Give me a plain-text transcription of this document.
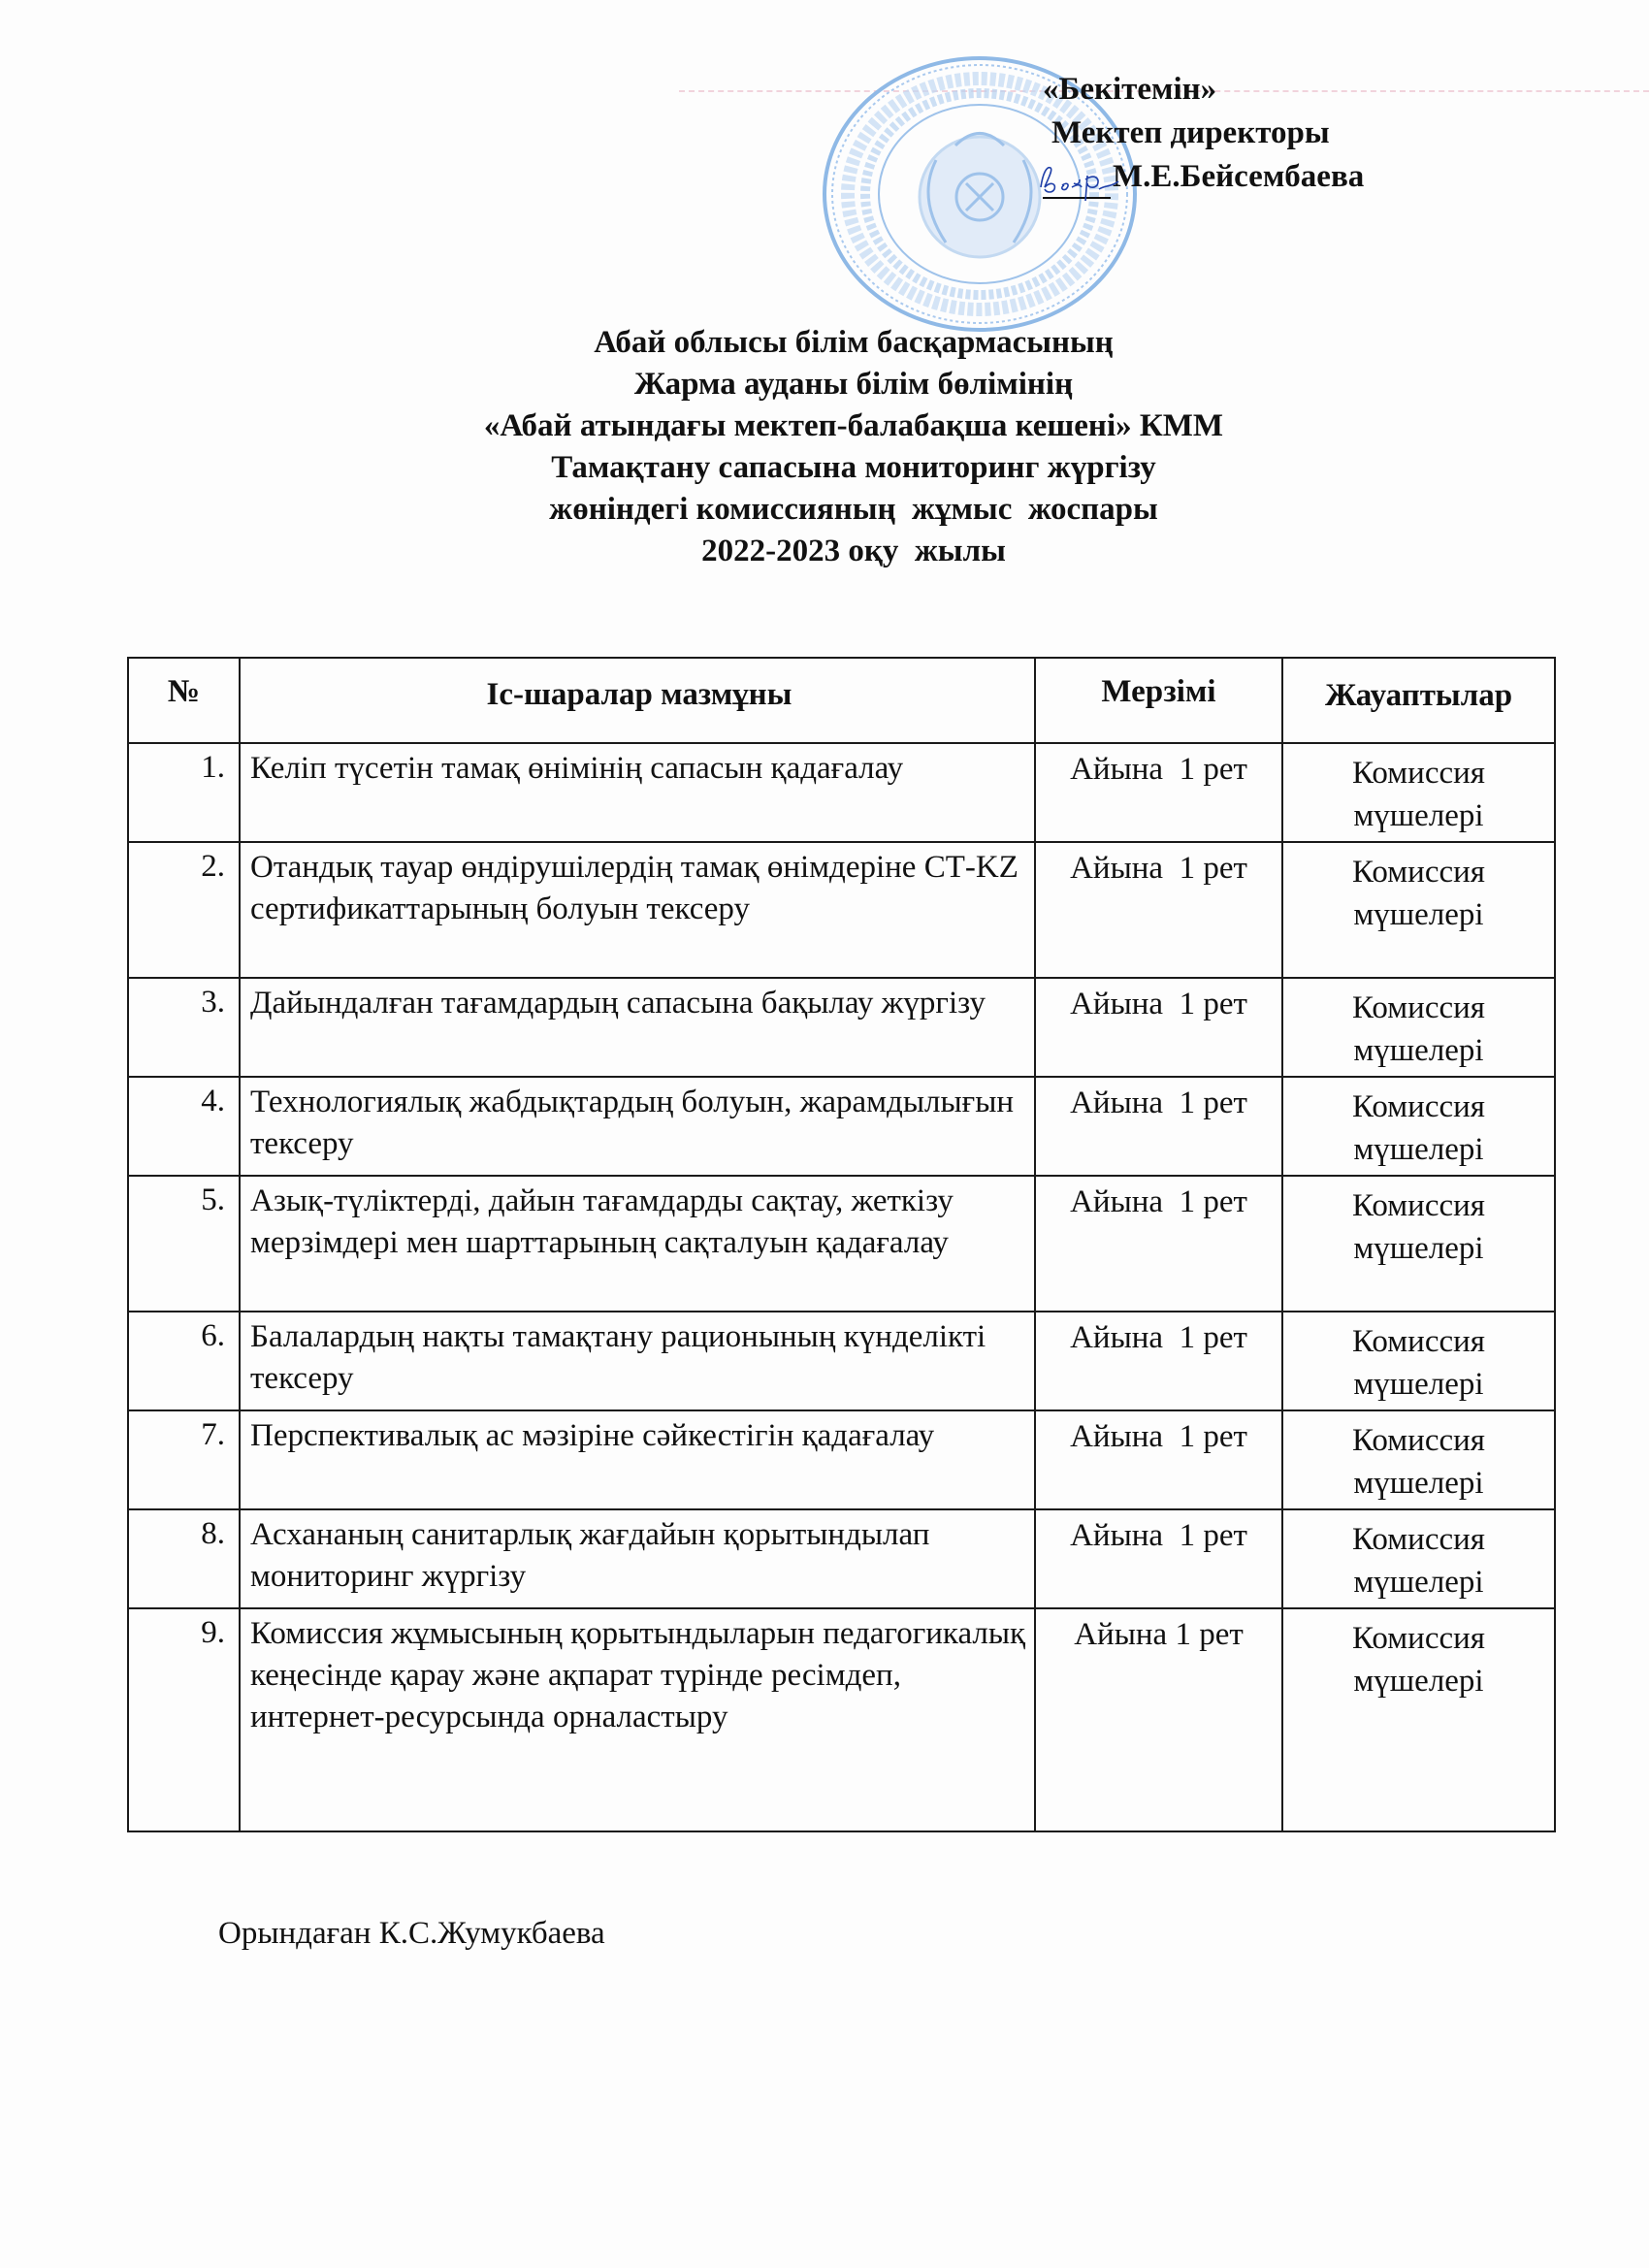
«Бекітемін»
Мектеп директоры
М.Е.Бейсембаева
Абай облысы білім басқармасының
Жарма ауданы білім бөлімінің
«Абай атындағы мектеп-балабақша кешені» КММ
Тамақтану сапасына мониторинг жүргізу
жөніндегі комиссияның  жұмыс  жоспары
2022-2023 оқу  жылы
№	Іс-шаралар мазмұны	Мерзімі	Жауаптылар
1.	Келіп түсетін тамақ өнімінің сапасын қадағалау	Айына  1 рет	Комиссия мүшелері
2.	Отандық тауар өндірушілердің тамақ өнімдеріне СТ-KZ сертификаттарының болуын тексеру	Айына  1 рет	Комиссия мүшелері
3.	Дайындалған тағамдардың сапасына бақылау жүргізу	Айына  1 рет	Комиссия мүшелері
4.	Технологиялық жабдықтардың болуын, жарамдылығын тексеру	Айына  1 рет	Комиссия мүшелері
5.	Азық-түліктерді, дайын тағамдарды сақтау, жеткізу мерзімдері мен шарттарының сақталуын қадағалау	Айына  1 рет	Комиссия мүшелері
6.	Балалардың нақты тамақтану рационының күнделікті тексеру	Айына  1 рет	Комиссия мүшелері
7.	Перспективалық ас мәзіріне сәйкестігін қадағалау	Айына  1 рет	Комиссия мүшелері
8.	Асхананың санитарлық жағдайын қорытындылап мониторинг жүргізу	Айына  1 рет	Комиссия мүшелері
9.	Комиссия жұмысының қорытындыларын педагогикалық кеңесінде қарау және ақпарат түрінде ресімдеп, интернет-ресурсында орналастыру	Айына 1 рет	Комиссия мүшелері
Орындаған К.С.Жумукбаева
